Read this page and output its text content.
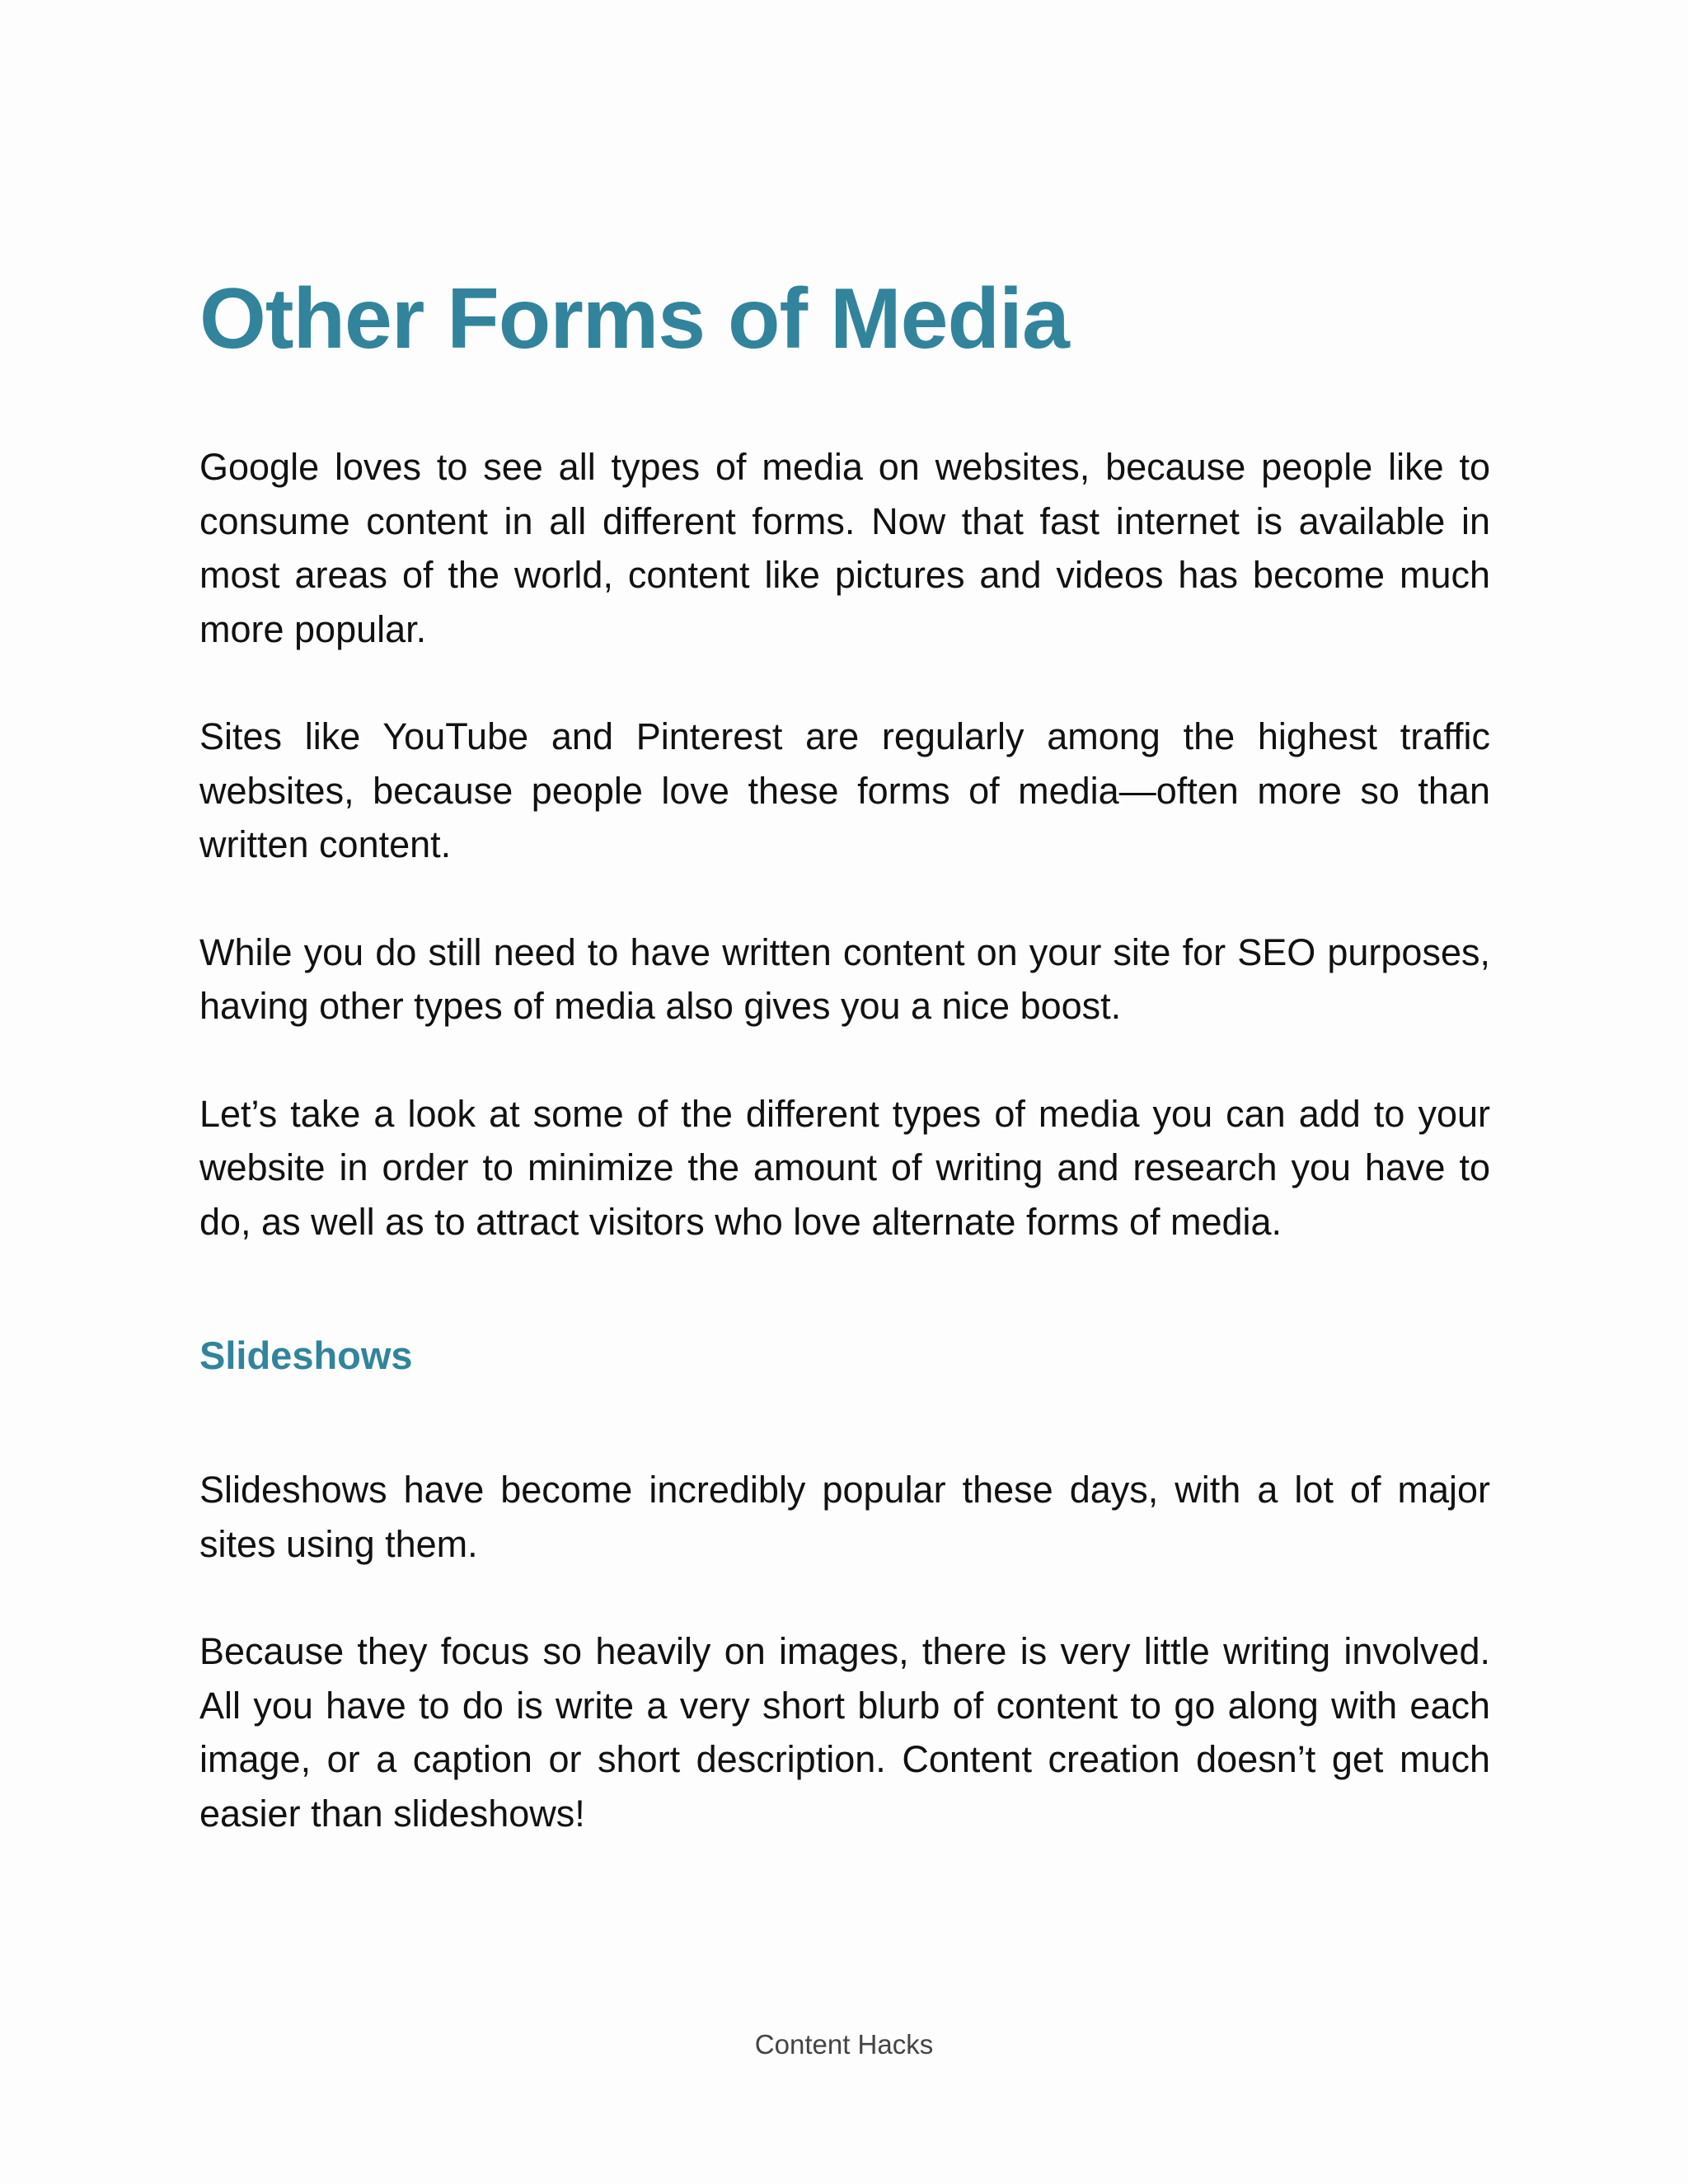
Other Forms of Media

Google loves to see all types of media on websites, because people like to consume content in all different forms. Now that fast internet is available in most areas of the world, content like pictures and videos has become much more popular.

Sites like YouTube and Pinterest are regularly among the highest traffic websites, because people love these forms of media—often more so than written content.

While you do still need to have written content on your site for SEO purposes, having other types of media also gives you a nice boost.

Let’s take a look at some of the different types of media you can add to your website in order to minimize the amount of writing and research you have to do, as well as to attract visitors who love alternate forms of media.

Slideshows

Slideshows have become incredibly popular these days, with a lot of major sites using them.

Because they focus so heavily on images, there is very little writing involved. All you have to do is write a very short blurb of content to go along with each image, or a caption or short description. Content creation doesn’t get much easier than slideshows!

Content Hacks
